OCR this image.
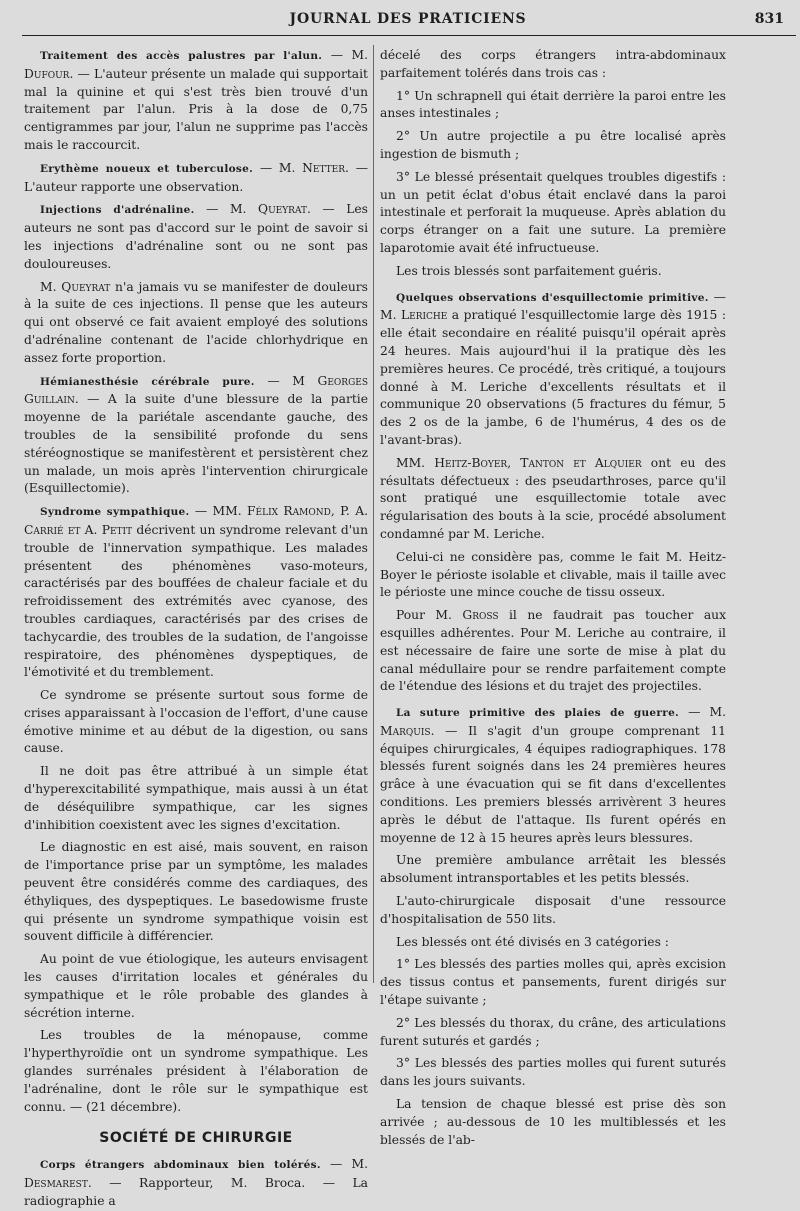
JOURNAL DES PRATICIENS	831

Traitement des accès palustres par l'alun. — M. Dufour. — L'auteur présente un malade qui supportait mal la quinine et qui s'est très bien trouvé d'un traitement par l'alun. Pris à la dose de 0,75 centigrammes par jour, l'alun ne supprime pas l'accès mais le raccourcit.

Erythème noueux et tuberculose. — M. Netter. — L'auteur rapporte une observation.

Injections d'adrénaline. — M. Queyrat. — Les auteurs ne sont pas d'accord sur le point de savoir si les injections d'adrénaline sont ou ne sont pas douloureuses.

M. Queyrat n'a jamais vu se manifester de douleurs à la suite de ces injections. Il pense que les auteurs qui ont observé ce fait avaient employé des solutions d'adrénaline contenant de l'acide chlorhydrique en assez forte proportion.

Hémianesthésie cérébrale pure. — M Georges Guillain. — A la suite d'une blessure de la partie moyenne de la pariétale ascendante gauche, des troubles de la sensibilité profonde du sens stéréognostique se manifestèrent et persistèrent chez un malade, un mois après l'intervention chirurgicale (Esquillectomie).

Syndrome sympathique. — MM. Félix Ramond, P. A. Carrié et A. Petit décrivent un syndrome relevant d'un trouble de l'innervation sympathique. Les malades présentent des phénomènes vaso-moteurs, caractérisés par des bouffées de chaleur faciale et du refroidissement des extrémités avec cyanose, des troubles cardiaques, caractérisés par des crises de tachycardie, des troubles de la sudation, de l'angoisse respiratoire, des phénomènes dyspeptiques, de l'émotivité et du tremblement.

Ce syndrome se présente surtout sous forme de crises apparaissant à l'occasion de l'effort, d'une cause émotive minime et au début de la digestion, ou sans cause.

Il ne doit pas être attribué à un simple état d'hyperexcitabilité sympathique, mais aussi à un état de déséquilibre sympathique, car les signes d'inhibition coexistent avec les signes d'excitation.

Le diagnostic en est aisé, mais souvent, en raison de l'importance prise par un symptôme, les malades peuvent être considérés comme des cardiaques, des éthyliques, des dyspeptiques. Le basedowisme fruste qui présente un syndrome sympathique voisin est souvent difficile à différencier.

Au point de vue étiologique, les auteurs envisagent les causes d'irritation locales et générales du sympathique et le rôle probable des glandes à sécrétion interne.

Les troubles de la ménopause, comme l'hyperthyroïdie ont un syndrome sympathique. Les glandes surrénales président à l'élaboration de l'adrénaline, dont le rôle sur le sympathique est connu. — (21 décembre).

SOCIÉTÉ DE CHIRURGIE

Corps étrangers abdominaux bien tolérés. — M. Desmarest. — Rapporteur, M. Broca. — La radiographie a

décelé des corps étrangers intra-abdominaux parfaitement tolérés dans trois cas :

1° Un schrapnell qui était derrière la paroi entre les anses intestinales ;

2° Un autre projectile a pu être localisé après ingestion de bismuth ;

3° Le blessé présentait quelques troubles digestifs : un un petit éclat d'obus était enclavé dans la paroi intestinale et perforait la muqueuse. Après ablation du corps étranger on a fait une suture. La première laparotomie avait été infructueuse.

Les trois blessés sont parfaitement guéris.

Quelques observations d'esquillectomie primitive. — M. Leriche a pratiqué l'esquillectomie large dès 1915 : elle était secondaire en réalité puisqu'il opérait après 24 heures. Mais aujourd'hui il la pratique dès les premières heures. Ce procédé, très critiqué, a toujours donné à M. Leriche d'excellents résultats et il communique 20 observations (5 fractures du fémur, 5 des 2 os de la jambe, 6 de l'humérus, 4 des os de l'avant-bras).

MM. Heitz-Boyer, Tanton et Alquier ont eu des résultats défectueux : des pseudarthroses, parce qu'il sont pratiqué une esquillectomie totale avec régularisation des bouts à la scie, procédé absolument condamné par M. Leriche.

Celui-ci ne considère pas, comme le fait M. Heitz-Boyer le périoste isolable et clivable, mais il taille avec le périoste une mince couche de tissu osseux.

Pour M. Gross il ne faudrait pas toucher aux esquilles adhérentes. Pour M. Leriche au contraire, il est nécessaire de faire une sorte de mise à plat du canal médullaire pour se rendre parfaitement compte de l'étendue des lésions et du trajet des projectiles.

La suture primitive des plaies de guerre. — M. Marquis. — Il s'agit d'un groupe comprenant 11 équipes chirurgicales, 4 équipes radiographiques. 178 blessés furent soignés dans les 24 premières heures grâce à une évacuation qui se fit dans d'excellentes conditions. Les premiers blessés arrivèrent 3 heures après le début de l'attaque. Ils furent opérés en moyenne de 12 à 15 heures après leurs blessures.

Une première ambulance arrêtait les blessés absolument intransportables et les petits blessés.

L'auto-chirurgicale disposait d'une ressource d'hospitalisation de 550 lits.

Les blessés ont été divisés en 3 catégories :

1° Les blessés des parties molles qui, après excision des tissus contus et pansements, furent dirigés sur l'étape suivante ;

2° Les blessés du thorax, du crâne, des articulations furent suturés et gardés ;

3° Les blessés des parties molles qui furent suturés dans les jours suivants.

La tension de chaque blessé est prise dès son arrivée ; au-dessous de 10 les multiblessés et les blessés de l'ab-
